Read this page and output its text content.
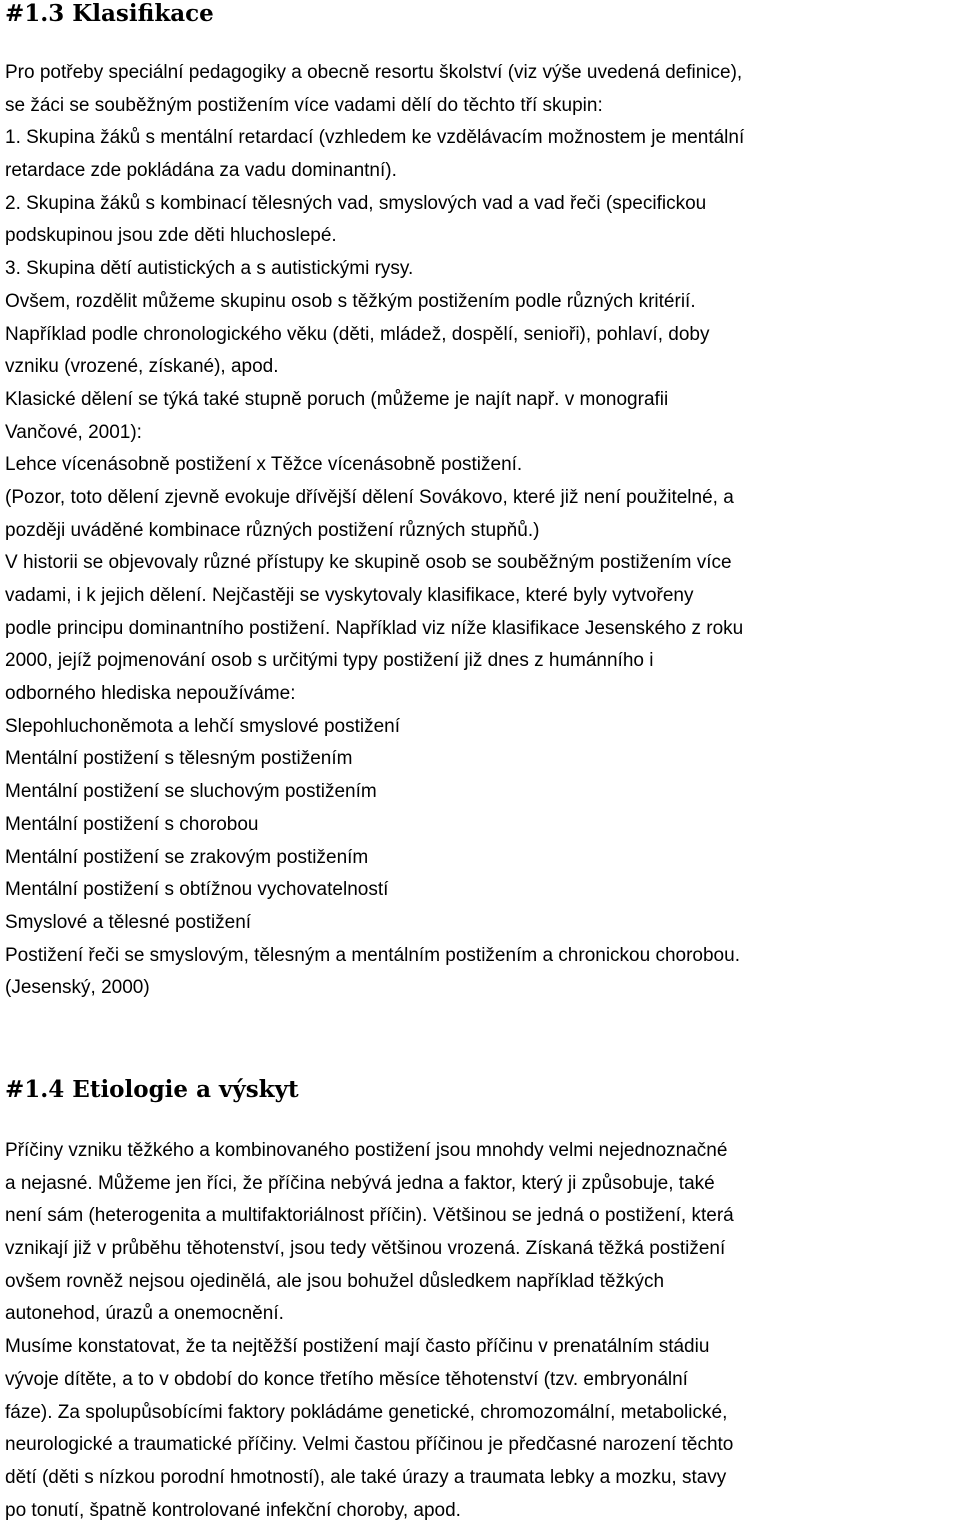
#1.3 Klasifikace
Pro potřeby speciální pedagogiky a obecně resortu školství (viz výše uvedená definice),
se žáci se souběžným postižením více vadami dělí do těchto tří skupin:
1. Skupina žáků s mentální retardací (vzhledem ke vzdělávacím možnostem je mentální
retardace zde pokládána za vadu dominantní).
2. Skupina žáků s kombinací tělesných vad, smyslových vad a vad řeči (specifickou
podskupinou jsou zde děti hluchoslepé.
3. Skupina dětí autistických a s autistickými rysy.
Ovšem, rozdělit můžeme skupinu osob s těžkým postižením podle různých kritérií.
Například podle chronologického věku (děti, mládež, dospělí, senioři), pohlaví, doby
vzniku (vrozené, získané), apod.
Klasické dělení se týká také stupně poruch (můžeme je najít např. v monografii
Vančové, 2001):
Lehce vícenásobně postižení x Těžce vícenásobně postižení.
(Pozor, toto dělení zjevně evokuje dřívější dělení Sovákovo, které již není použitelné, a
později uváděné kombinace různých postižení různých stupňů.)
V historii se objevovaly různé přístupy ke skupině osob se souběžným postižením více
vadami, i k jejich dělení. Nejčastěji se vyskytovaly klasifikace, které byly vytvořeny
podle principu dominantního postižení. Například viz níže klasifikace Jesenského z roku
2000, jejíž pojmenování osob s určitými typy postižení již dnes z humánního i
odborného hlediska nepoužíváme:
Slepohluchoněmota a lehčí smyslové postižení
Mentální postižení s tělesným postižením
Mentální postižení se sluchovým postižením
Mentální postižení s chorobou
Mentální postižení se zrakovým postižením
Mentální postižení s obtížnou vychovatelností
Smyslové a tělesné postižení
Postižení řeči se smyslovým, tělesným a mentálním postižením a chronickou chorobou.
(Jesenský, 2000)
#1.4 Etiologie a výskyt
Příčiny vzniku těžkého a kombinovaného postižení jsou mnohdy velmi nejednoznačné
a nejasné. Můžeme jen říci, že příčina nebývá jedna a faktor, který ji způsobuje, také
není sám (heterogenita a multifaktoriálnost příčin). Většinou se jedná o postižení, která
vznikají již v průběhu těhotenství, jsou tedy většinou vrozená. Získaná těžká postižení
ovšem rovněž nejsou ojedinělá, ale jsou bohužel důsledkem například těžkých
autonehod, úrazů a onemocnění.
Musíme konstatovat, že ta nejtěžší postižení mají často příčinu v prenatálním stádiu
vývoje dítěte, a to v období do konce třetího měsíce těhotenství (tzv. embryonální
fáze). Za spolupůsobícími faktory pokládáme genetické, chromozomální, metabolické,
neurologické a traumatické příčiny. Velmi častou příčinou je předčasné narození těchto
dětí (děti s nízkou porodní hmotností), ale také úrazy a traumata lebky a mozku, stavy
po tonutí, špatně kontrolované infekční choroby, apod.
